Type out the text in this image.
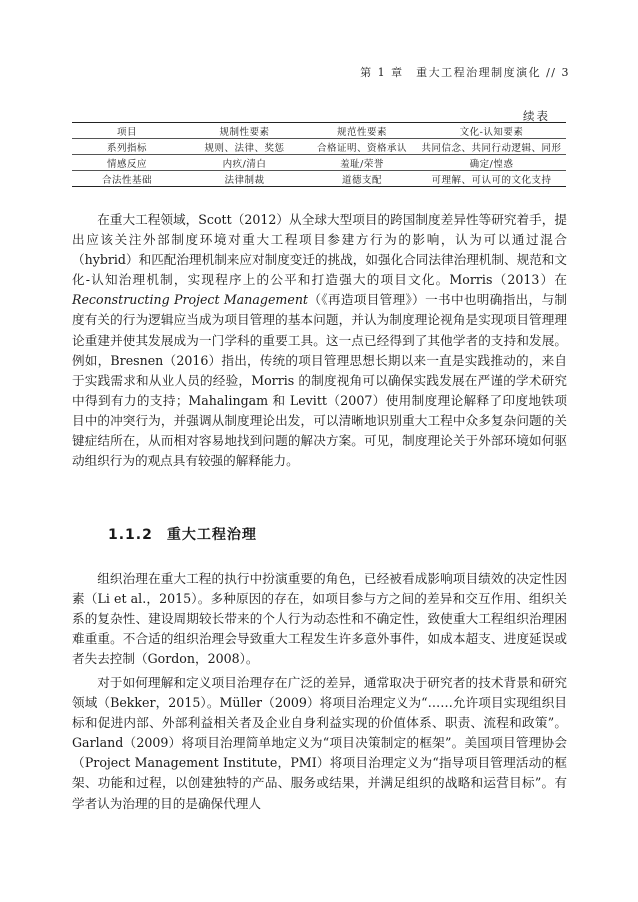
第 1 章　重大工程治理制度演化 // 3
续表
项目	规制性要素	规范性要素	文化-认知要素
系列指标	规则、法律、奖惩	合格证明、资格承认	共同信念、共同行动逻辑、同形
情感反应	内疚/清白	羞耻/荣誉	确定/惶惑
合法性基础	法律制裁	道德支配	可理解、可认可的文化支持

在重大工程领域，Scott（2012）从全球大型项目的跨国制度差异性等研究着手，提出应该关注外部制度环境对重大工程项目参建方行为的影响，认为可以通过混合（hybrid）和匹配治理机制来应对制度变迁的挑战，如强化合同法律治理机制、规范和文化-认知治理机制，实现程序上的公平和打造强大的项目文化。Morris（2013）在Reconstructing Project Management（《再造项目管理》）一书中也明确指出，与制度有关的行为逻辑应当成为项目管理的基本问题，并认为制度理论视角是实现项目管理理论重建并使其发展成为一门学科的重要工具。这一点已经得到了其他学者的支持和发展。例如，Bresnen（2016）指出，传统的项目管理思想长期以来一直是实践推动的，来自于实践需求和从业人员的经验，Morris 的制度视角可以确保实践发展在严谨的学术研究中得到有力的支持；Mahalingam 和 Levitt（2007）使用制度理论解释了印度地铁项目中的冲突行为，并强调从制度理论出发，可以清晰地识别重大工程中众多复杂问题的关键症结所在，从而相对容易地找到问题的解决方案。可见，制度理论关于外部环境如何驱动组织行为的观点具有较强的解释能力。

1.1.2 重大工程治理

组织治理在重大工程的执行中扮演重要的角色，已经被看成影响项目绩效的决定性因素（Li et al.，2015）。多种原因的存在，如项目参与方之间的差异和交互作用、组织关系的复杂性、建设周期较长带来的个人行为动态性和不确定性，致使重大工程组织治理困难重重。不合适的组织治理会导致重大工程发生许多意外事件，如成本超支、进度延误或者失去控制（Gordon，2008）。

对于如何理解和定义项目治理存在广泛的差异，通常取决于研究者的技术背景和研究领域（Bekker，2015）。Müller（2009）将项目治理定义为“……允许项目实现组织目标和促进内部、外部利益相关者及企业自身利益实现的价值体系、职责、流程和政策”。Garland（2009）将项目治理简单地定义为“项目决策制定的框架”。美国项目管理协会（Project Management Institute，PMI）将项目治理定义为“指导项目管理活动的框架、功能和过程，以创建独特的产品、服务或结果，并满足组织的战略和运营目标”。有学者认为治理的目的是确保代理人
